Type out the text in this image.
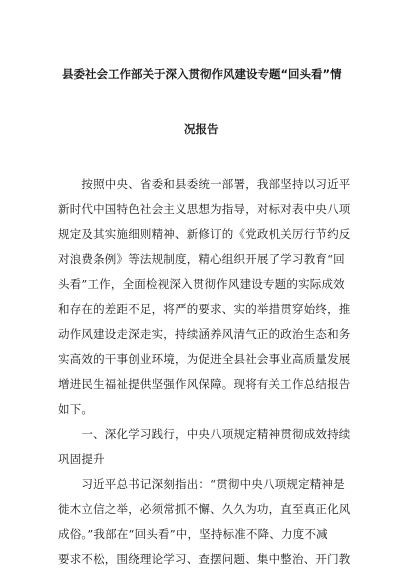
县委社会工作部关于深入贯彻作风建设专题“回头看”情
况报告
　　按照中央、省委和县委统一部署，我部坚持以习近平
新时代中国特色社会主义思想为指导，对标对表中央八项
规定及其实施细则精神、新修订的《党政机关厉行节约反
对浪费条例》等法规制度，精心组织开展了学习教育“回
头看”工作，全面检视深入贯彻作风建设专题的实际成效
和存在的差距不足，将严的要求、实的举措贯穿始终，推
动作风建设走深走实，持续涵养风清气正的政治生态和务
实高效的干事创业环境，为促进全县社会事业高质量发展
增进民生福祉提供坚强作风保障。现将有关工作总结报告
如下。
　　一、深化学习践行，中央八项规定精神贯彻成效持续
巩固提升
　　习近平总书记深刻指出：“贯彻中央八项规定精神是
徙木立信之举，必须常抓不懈、久久为功，直至真正化风
成俗。”我部在“回头看”中，坚持标准不降、力度不减
要求不松，围绕理论学习、查摆问题、集中整治、开门教
